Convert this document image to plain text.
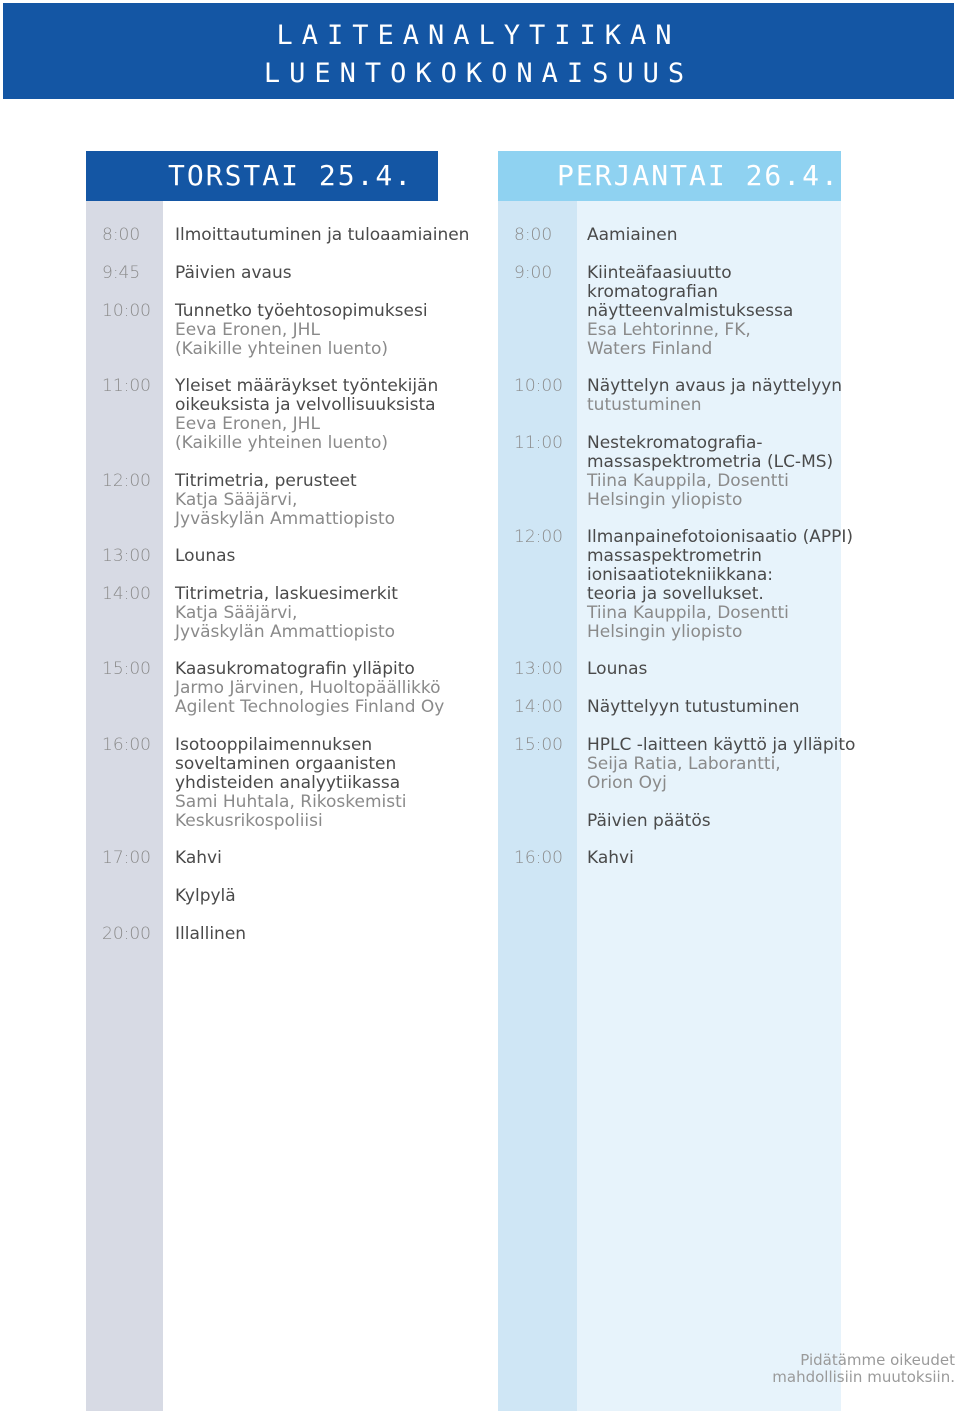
LAITEANALYTIIKAN
LUENTOKOKONAISUUS
TORSTAI 25.4.	PERJANTAI 26.4.
8:00 Ilmoittautuminen ja tuloaamiainen
9:45 Päivien avaus
10:00 Tunnetko työehtosopimuksesi
Eeva Eronen, JHL
(Kaikille yhteinen luento)
11:00 Yleiset määräykset työntekijän
oikeuksista ja velvollisuuksista
Eeva Eronen, JHL
(Kaikille yhteinen luento)
12:00 Titrimetria, perusteet
Katja Sääjärvi,
Jyväskylän Ammattiopisto
13:00 Lounas
14:00 Titrimetria, laskuesimerkit
Katja Sääjärvi,
Jyväskylän Ammattiopisto
15:00 Kaasukromatografin ylläpito
Jarmo Järvinen, Huoltopäällikkö
Agilent Technologies Finland Oy
16:00 Isotooppilaimennuksen
soveltaminen orgaanisten
yhdisteiden analyytiikassa
Sami Huhtala, Rikoskemisti
Keskusrikospoliisi
17:00 Kahvi
Kylpylä
20:00 Illallinen
8:00 Aamiainen
9:00 Kiinteäfaasiuutto
kromatografian
näytteenvalmistuksessa
Esa Lehtorinne, FK,
Waters Finland
10:00 Näyttelyn avaus ja näyttelyyn
tutustuminen
11:00 Nestekromatografia-
massaspektrometria (LC-MS)
Tiina Kauppila, Dosentti
Helsingin yliopisto
12:00 Ilmanpainefotoionisaatio (APPI)
massaspektrometrin
ionisaatiotekniikkana:
teoria ja sovellukset.
Tiina Kauppila, Dosentti
Helsingin yliopisto
13:00 Lounas
14:00 Näyttelyyn tutustuminen
15:00 HPLC -laitteen käyttö ja ylläpito
Seija Ratia, Laborantti,
Orion Oyj
Päivien päätös
16:00 Kahvi
Pidätämme oikeudet
mahdollisiin muutoksiin.
